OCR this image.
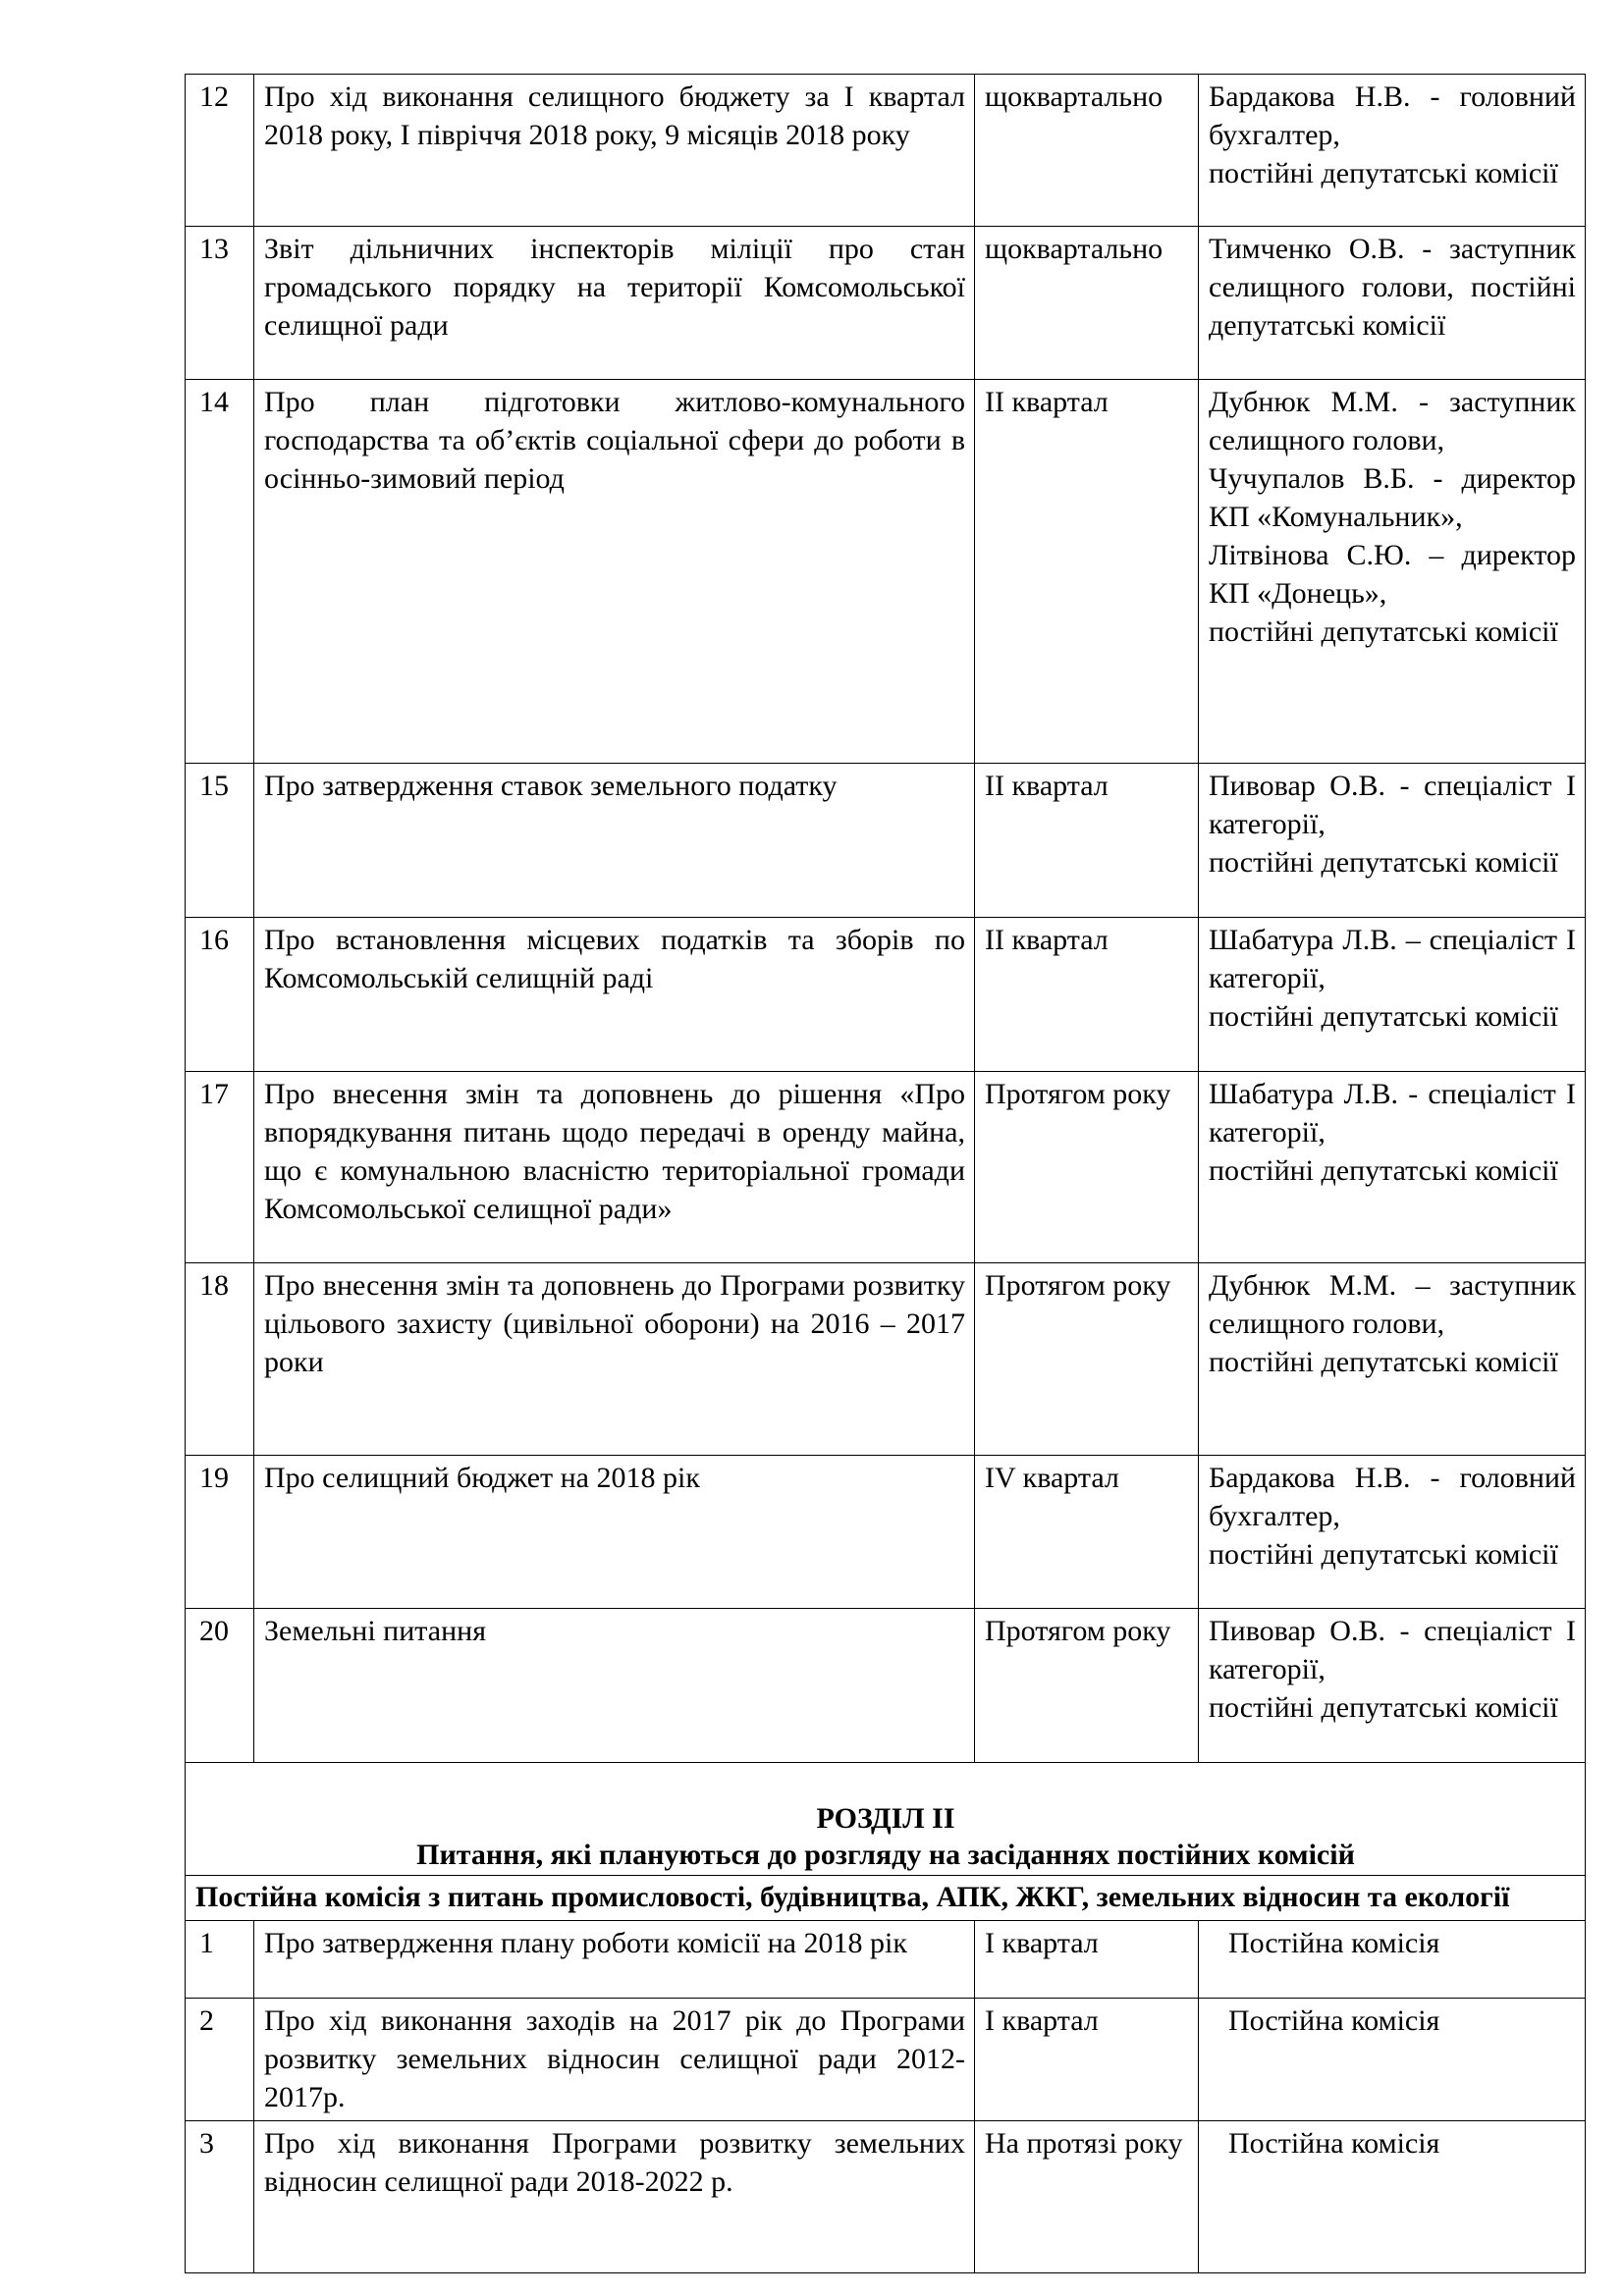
12	Про хід виконання селищного бюджету за І квартал 2018 року, І півріччя 2018 року, 9 місяців 2018 року	щоквартально	Бардакова Н.В. - головний бухгалтер,
постійні депутатські комісії
13	Звіт дільничних інспекторів міліції про стан громадського порядку на території Комсомольської селищної ради	щоквартально	Тимченко О.В. - заступник селищного голови, постійні депутатські комісії
14	Про план підготовки житлово-комунального господарства та об’єктів соціальної сфери до роботи в осінньо-зимовий період	ІІ квартал	Дубнюк М.М. - заступник селищного голови,
Чучупалов В.Б. - директор КП «Комунальник»,
Літвінова С.Ю. – директор КП «Донець»,
постійні депутатські комісії
15	Про затвердження ставок земельного податку	ІІ квартал	Пивовар О.В. - спеціаліст І категорії,
постійні депутатські комісії
16	Про встановлення місцевих податків та зборів по Комсомольській селищній раді	ІІ квартал	Шабатура Л.В. – спеціаліст І категорії,
постійні депутатські комісії
17	Про внесення змін та доповнень до рішення «Про впорядкування питань щодо передачі в оренду майна, що є комунальною власністю територіальної громади Комсомольської селищної ради»	Протягом року	Шабатура Л.В. - спеціаліст І категорії,
постійні депутатські комісії
18	Про внесення змін та доповнень до Програми розвитку цільового захисту (цивільної оборони) на 2016 – 2017 роки	Протягом року	Дубнюк М.М. – заступник селищного голови,
постійні депутатські комісії
19	Про селищний бюджет на 2018 рік	ІV квартал	Бардакова Н.В. - головний бухгалтер,
постійні депутатські комісії
20	Земельні питання	Протягом року	Пивовар О.В. - спеціаліст І категорії,
постійні депутатські комісії

РОЗДІЛ ІІ
Питання, які плануються до розгляду на засіданнях постійних комісій			

Постійна комісія з питань промисловості, будівництва, АПК, ЖКГ, земельних відносин та екології			
1	Про затвердження плану роботи комісії на 2018 рік	І квартал	Постійна комісія
2	Про хід виконання заходів на 2017 рік до Програми розвитку земельних відносин селищної ради 2012-2017р.	І квартал	Постійна комісія
3	Про хід виконання Програми розвитку земельних відносин селищної ради 2018-2022 р.	На протязі року	Постійна комісія
